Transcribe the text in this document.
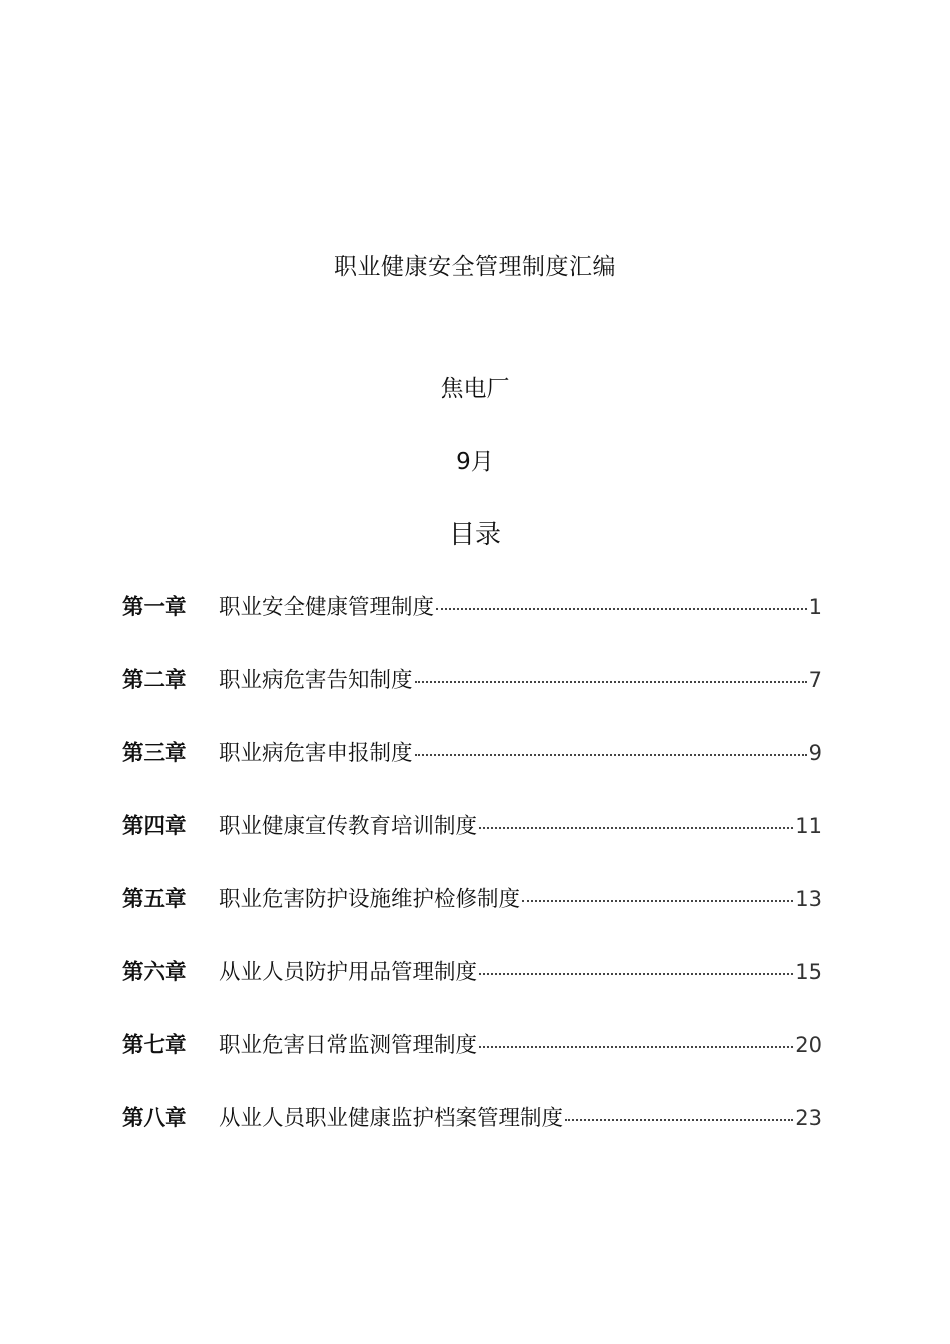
职业健康安全管理制度汇编
焦电厂
9月
目录
第一章	职业安全健康管理制度	1
第二章	职业病危害告知制度	7
第三章	职业病危害申报制度	9
第四章	职业健康宣传教育培训制度	11
第五章	职业危害防护设施维护检修制度	13
第六章	从业人员防护用品管理制度	15
第七章	职业危害日常监测管理制度	20
第八章	从业人员职业健康监护档案管理制度	23
